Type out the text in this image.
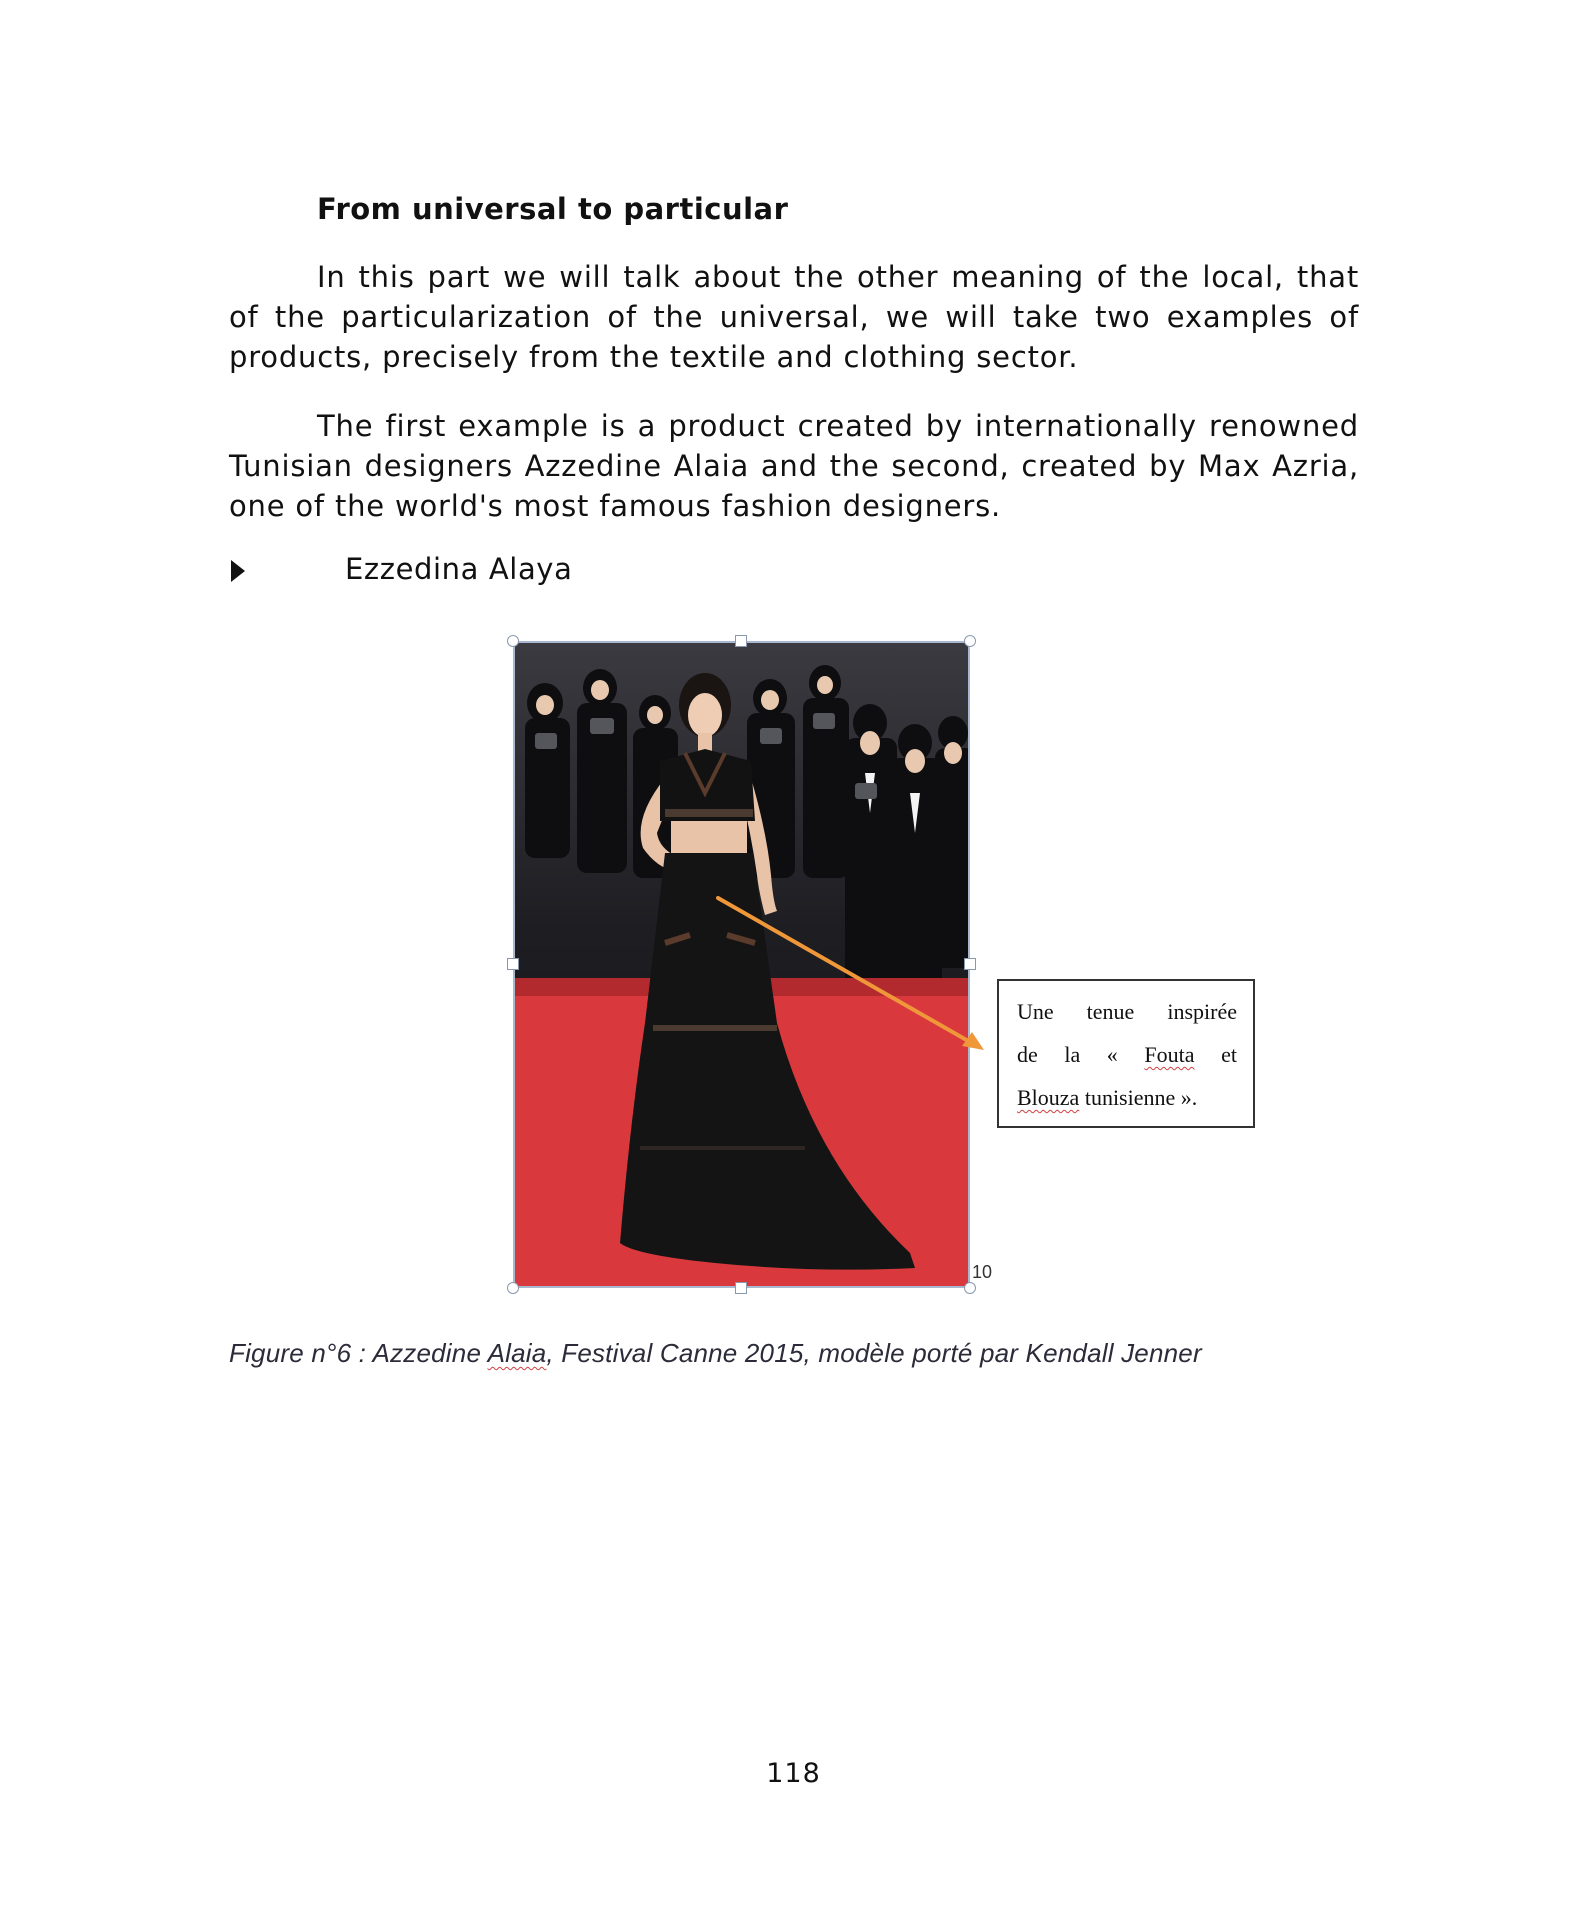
From universal to particular

In this part we will talk about the other meaning of the local, that of the particularization of the universal, we will take two examples of products, precisely from the textile and clothing sector.

The first example is a product created by internationally renowned Tunisian designers Azzedine Alaia and the second, created by Max Azria, one of the world's most famous fashion designers.

Ezzedina Alaya
10
Une tenue inspirée
de la « Fouta et
Blouza tunisienne ».
Figure n°6 : Azzedine Alaia, Festival Canne 2015, modèle porté par Kendall Jenner
118
